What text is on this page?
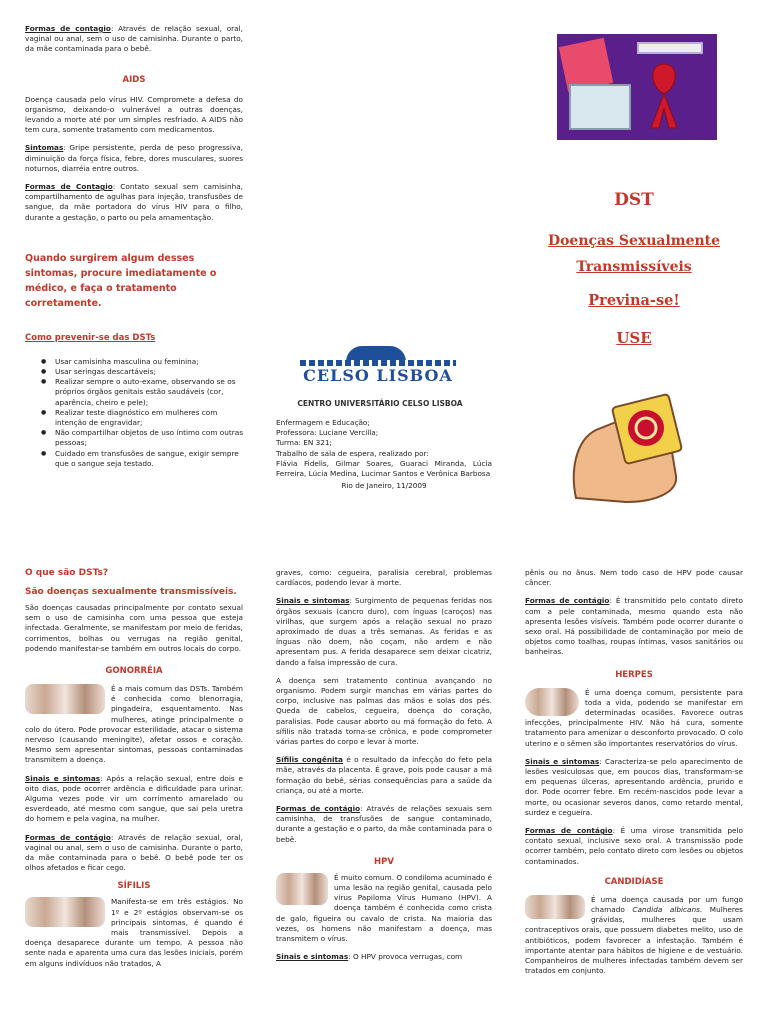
Formas de contagio: Através de relação sexual, oral, vaginal ou anal, sem o uso de camisinha. Durante o parto, da mãe contaminada para o bebê.

AIDS

Doença causada pelo vírus HIV. Compromete a defesa do organismo, deixando-o vulnerável a outras doenças, levando a morte até por um simples resfriado. A AIDS não tem cura, somente tratamento com medicamentos.

Sintomas: Gripe persistente, perda de peso progressiva, diminuição da força física, febre, dores musculares, suores noturnos, diarréia entre outros.

Formas de Contagio: Contato sexual sem camisinha, compartilhamento de agulhas para injeção, transfusões de sangue, da mãe portadora do vírus HIV para o filho, durante a gestação, o parto ou pela amamentação.

Quando surgirem algum desses sintomas, procure imediatamente o médico, e faça o tratamento corretamente.

Como prevenir-se das DSTs

● Usar camisinha masculina ou feminina;
● Usar seringas descartáveis;
● Realizar sempre o auto-exame, observando se os próprios órgãos genitais estão saudáveis (cor, aparência, cheiro e pele);
● Realizar teste diagnóstico em mulheres com intenção de engravidar;
● Não compartilhar objetos de uso íntimo com outras pessoas;
● Cuidado em transfusões de sangue, exigir sempre que o sangue seja testado.
CELSO LISBOA
CENTRO UNIVERSITÁRIO CELSO LISBOA

Enfermagem e Educação;

Professora: Luciane Vercilla;

Turma: EN 321;

Trabalho de sala de espera, realizado por:

Flávia Fidelis, Gilmar Soares, Guaraci Miranda, Lúcia Ferreira, Lúcia Medina, Lucimar Santos e Verônica Barbosa

Rio de Janeiro, 11/2009

DST

Doenças Sexualmente

Transmissíveis

Previna-se!

USE

O que são DSTs?

São doenças sexualmente transmissíveis.

São doenças causadas principalmente por contato sexual sem o uso de camisinha com uma pessoa que esteja infectada. Geralmente, se manifestam por meio de feridas, corrimentos, bolhas ou verrugas na região genital, podendo manifestar-se também em outros locais do corpo.

GONORRÉIA

É a mais comum das DSTs. Também é conhecida como blenorragia, pingadeira, esquentamento. Nas mulheres, atinge principalmente o colo do útero. Pode provocar esterilidade, atacar o sistema nervoso (causando meningite), afetar ossos e coração. Mesmo sem apresentar sintomas, pessoas contaminadas transmitem a doença.

Sinais e sintomas: Após a relação sexual, entre dois e oito dias, pode ocorrer ardência e dificuldade para urinar. Alguma vezes pode vir um corrimento amarelado ou esverdeado, até mesmo com sangue, que sai pela uretra do homem e pela vagina, na mulher.

Formas de contágio: Através de relação sexual, oral, vaginal ou anal, sem o uso de camisinha. Durante o parto, da mãe contaminada para o bebê. O bebê pode ter os olhos afetados e ficar cego.

SÍFILIS

Manifesta-se em três estágios. No 1º e 2º estágios observam-se os principais sintomas, é quando é mais transmissível. Depois a doença desaparece durante um tempo. A pessoa não sente nada e aparenta uma cura das lesões iniciais, porém em alguns indivíduos não tratados, A

graves, como: cegueira, paralisia cerebral, problemas cardíacos, podendo levar à morte.

Sinais e sintomas: Surgimento de pequenas feridas nos órgãos sexuais (cancro duro), com ínguas (caroços) nas virilhas, que surgem após a relação sexual no prazo aproximado de duas a três semanas. As feridas e as ínguas não doem, não coçam, não ardem e não apresentam pus. A ferida desaparece sem deixar cicatriz, dando a falsa impressão de cura.

A doença sem tratamento continua avançando no organismo. Podem surgir manchas em várias partes do corpo, inclusive nas palmas das mãos e solas dos pés. Queda de cabelos, cegueira, doença do coração, paralisias. Pode causar aborto ou má formação do feto. A sífilis não tratada torna-se crônica, e pode comprometer várias partes do corpo e levar à morte.

Sífilis congênita é o resultado da infecção do feto pela mãe, através da placenta. É grave, pois pode causar a má formação do bebê, sérias consequências para a saúde da criança, ou até a morte.

Formas de contágio: Através de relações sexuais sem camisinha, de transfusões de sangue contaminado, durante a gestação e o parto, da mãe contaminada para o bebê.

HPV

É muito comum. O condiloma acuminado é uma lesão na região genital, causada pelo vírus Papiloma Vírus Humano (HPV). A doença também é conhecida como crista de galo, figueira ou cavalo de crista. Na maioria das vezes, os homens não manifestam a doença, mas transmitem o vírus.

Sinais e sintomas: O HPV provoca verrugas, com

pênis ou no ânus. Nem todo caso de HPV pode causar câncer.

Formas de contágio: É transmitido pelo contato direto com a pele contaminada, mesmo quando esta não apresenta lesões visíveis. Também pode ocorrer durante o sexo oral. Há possibilidade de contaminação por meio de objetos como toalhas, roupas íntimas, vasos sanitários ou banheiras.

HERPES

É uma doença comum, persistente para toda a vida, podendo se manifestar em determinadas ocasiões. Favorece outras infecções, principalmente HIV. Não há cura, somente tratamento para amenizar o desconforto provocado. O colo uterino e o sêmen são importantes reservatórios do vírus.

Sinais e sintomas: Caracteriza-se pelo aparecimento de lesões vesiculosas que, em poucos dias, transformam-se em pequenas úlceras, apresentando ardência, prurido e dor. Pode ocorrer febre. Em recém-nascidos pode levar a morte, ou ocasionar severos danos, como retardo mental, surdez e cegueira.

Formas de contágio: É uma virose transmitida pelo contato sexual, inclusive sexo oral. A transmissão pode ocorrer também, pelo contato direto com lesões ou objetos contaminados.

CANDIDÍASE

É uma doença causada por um fungo chamado Candida albicans. Mulheres grávidas, mulheres que usam contraceptivos orais, que possuem diabetes melito, uso de antibióticos, podem favorecer a infestação. Também é importante atentar para hábitos de higiene e de vestuário. Companheiros de mulheres infectadas também devem ser tratados em conjunto.
